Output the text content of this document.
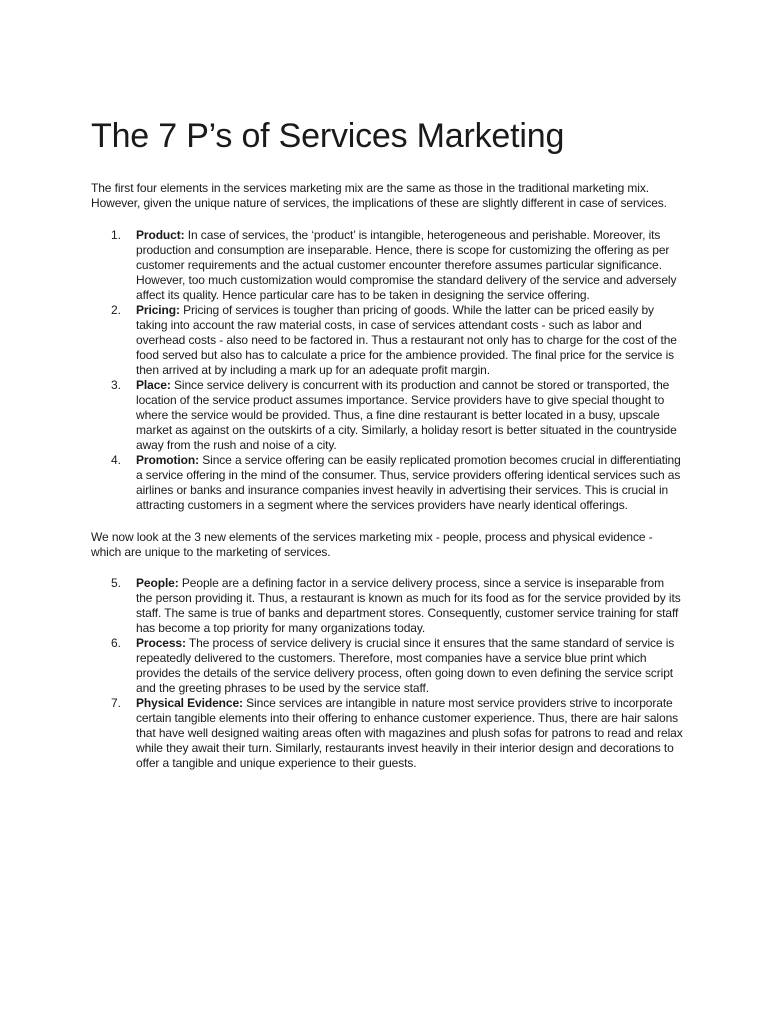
The 7 P’s of Services Marketing

The first four elements in the services marketing mix are the same as those in the traditional marketing mix. However, given the unique nature of services, the implications of these are slightly different in case of services.

1. Product: In case of services, the ‘product’ is intangible, heterogeneous and perishable. Moreover, its production and consumption are inseparable. Hence, there is scope for customizing the offering as per customer requirements and the actual customer encounter therefore assumes particular significance. However, too much customization would compromise the standard delivery of the service and adversely affect its quality. Hence particular care has to be taken in designing the service offering.
2. Pricing: Pricing of services is tougher than pricing of goods. While the latter can be priced easily by taking into account the raw material costs, in case of services attendant costs - such as labor and overhead costs - also need to be factored in. Thus a restaurant not only has to charge for the cost of the food served but also has to calculate a price for the ambience provided. The final price for the service is then arrived at by including a mark up for an adequate profit margin.
3. Place: Since service delivery is concurrent with its production and cannot be stored or transported, the location of the service product assumes importance. Service providers have to give special thought to where the service would be provided. Thus, a fine dine restaurant is better located in a busy, upscale market as against on the outskirts of a city. Similarly, a holiday resort is better situated in the countryside away from the rush and noise of a city.
4. Promotion: Since a service offering can be easily replicated promotion becomes crucial in differentiating a service offering in the mind of the consumer. Thus, service providers offering identical services such as airlines or banks and insurance companies invest heavily in advertising their services. This is crucial in attracting customers in a segment where the services providers have nearly identical offerings.

We now look at the 3 new elements of the services marketing mix - people, process and physical evidence - which are unique to the marketing of services.

5. People: People are a defining factor in a service delivery process, since a service is inseparable from the person providing it. Thus, a restaurant is known as much for its food as for the service provided by its staff. The same is true of banks and department stores. Consequently, customer service training for staff has become a top priority for many organizations today.
6. Process: The process of service delivery is crucial since it ensures that the same standard of service is repeatedly delivered to the customers. Therefore, most companies have a service blue print which provides the details of the service delivery process, often going down to even defining the service script and the greeting phrases to be used by the service staff.
7. Physical Evidence: Since services are intangible in nature most service providers strive to incorporate certain tangible elements into their offering to enhance customer experience. Thus, there are hair salons that have well designed waiting areas often with magazines and plush sofas for patrons to read and relax while they await their turn. Similarly, restaurants invest heavily in their interior design and decorations to offer a tangible and unique experience to their guests.
